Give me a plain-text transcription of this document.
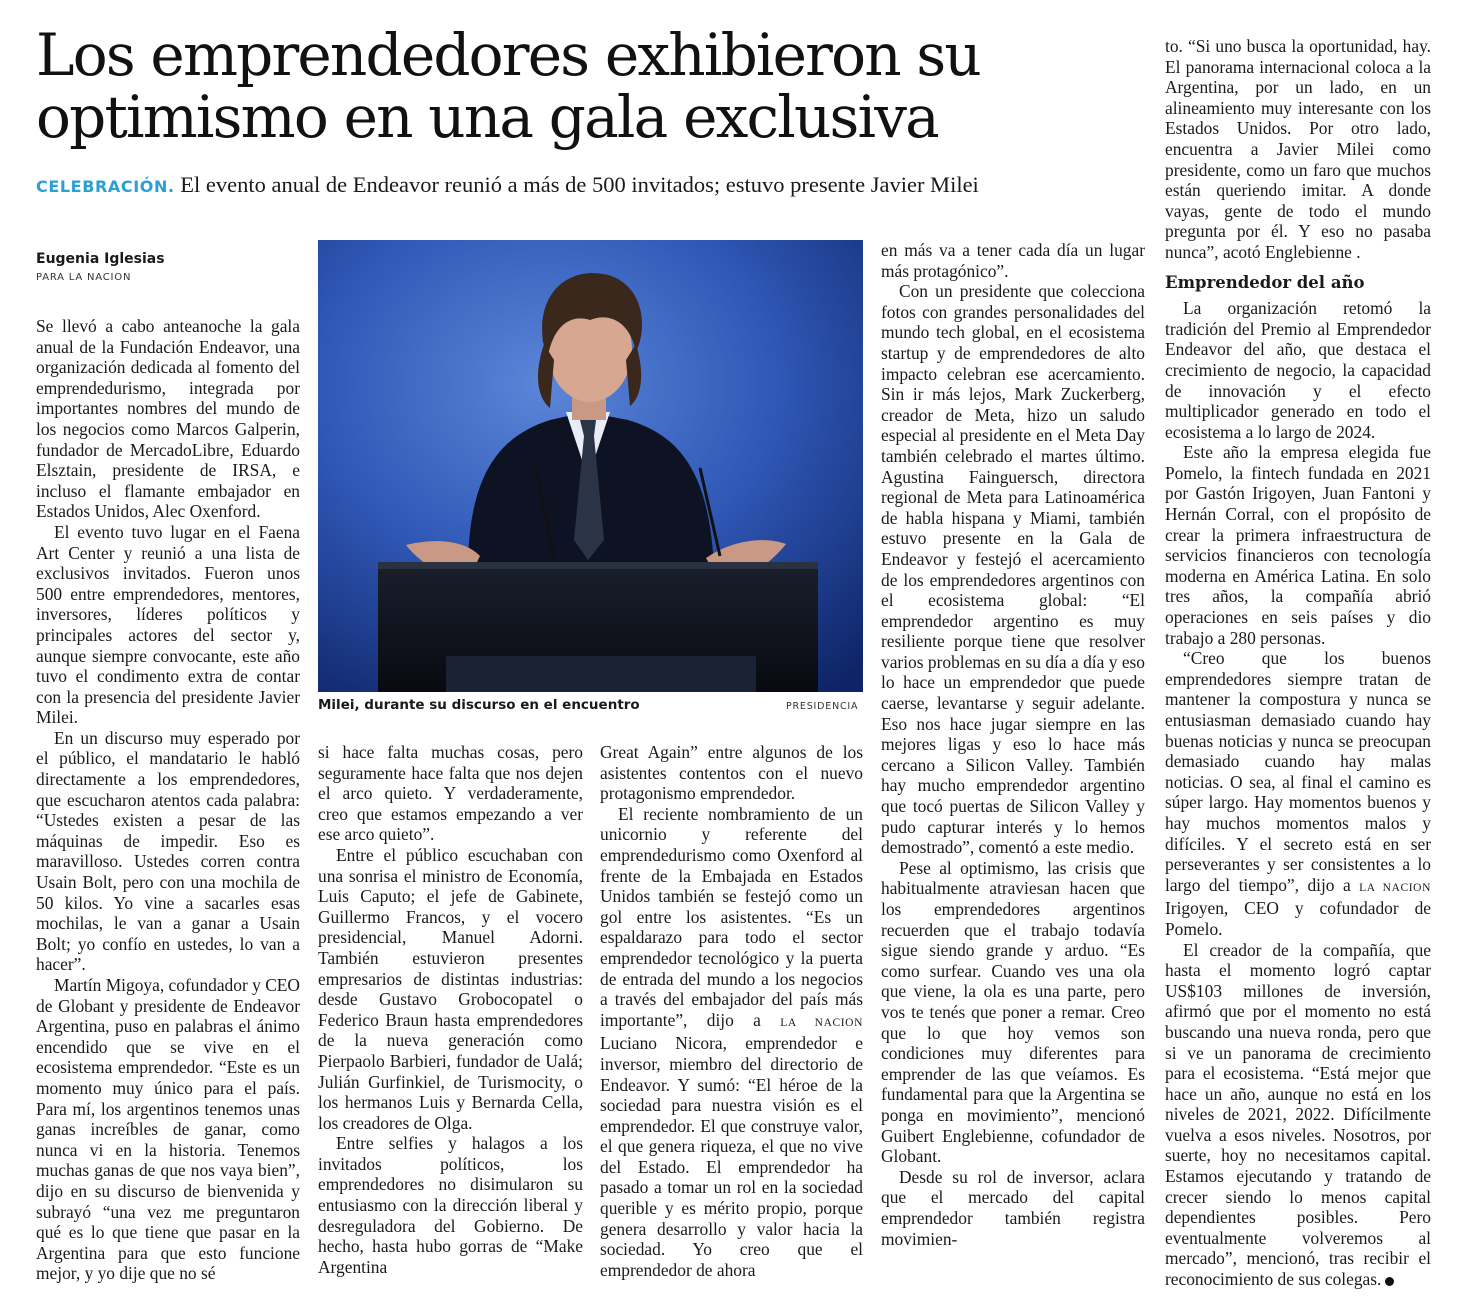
Los emprendedores exhibieron su optimismo en una gala exclusiva
CELEBRACIÓN. El evento anual de Endeavor reunió a más de 500 invitados; estuvo presente Javier Milei
Eugenia Iglesias
PARA LA NACION

Se llevó a cabo anteanoche la gala anual de la Fundación Endeavor, una organización dedicada al fomento del emprendedurismo, integrada por importantes nombres del mundo de los negocios como Marcos Galperin, fundador de MercadoLibre, Eduardo Elsztain, presidente de IRSA, e incluso el flamante embajador en Estados Unidos, Alec Oxenford.

El evento tuvo lugar en el Faena Art Center y reunió a una lista de exclusivos invitados. Fueron unos 500 entre emprendedores, mentores, inversores, líderes políticos y principales actores del sector y, aunque siempre convocante, este año tuvo el condimento extra de contar con la presencia del presidente Javier Milei.

En un discurso muy esperado por el público, el mandatario le habló directamente a los emprendedores, que escucharon atentos cada palabra: “Ustedes existen a pesar de las máquinas de impedir. Eso es maravilloso. Ustedes corren contra Usain Bolt, pero con una mochila de 50 kilos. Yo vine a sacarles esas mochilas, le van a ganar a Usain Bolt; yo confío en ustedes, lo van a hacer”.

Martín Migoya, cofundador y CEO de Globant y presidente de Endeavor Argentina, puso en palabras el ánimo encendido que se vive en el ecosistema emprendedor. “Este es un momento muy único para el país. Para mí, los argentinos tenemos unas ganas increíbles de ganar, como nunca vi en la historia. Tenemos muchas ganas de que nos vaya bien”, dijo en su discurso de bienvenida y subrayó “una vez me preguntaron qué es lo que tiene que pasar en la Argentina para que esto funcione mejor, y yo dije que no sé

Milei, durante su discurso en el encuentro	PRESIDENCIA

si hace falta muchas cosas, pero seguramente hace falta que nos dejen el arco quieto. Y verdaderamente, creo que estamos empezando a ver ese arco quieto”.

Entre el público escuchaban con una sonrisa el ministro de Economía, Luis Caputo; el jefe de Gabinete, Guillermo Francos, y el vocero presidencial, Manuel Adorni. También estuvieron presentes empresarios de distintas industrias: desde Gustavo Grobocopatel o Federico Braun hasta emprendedores de la nueva generación como Pierpaolo Barbieri, fundador de Ualá; Julián Gurfinkiel, de Turismocity, o los hermanos Luis y Bernarda Cella, los creadores de Olga.

Entre selfies y halagos a los invitados políticos, los emprendedores no disimularon su entusiasmo con la dirección liberal y desreguladora del Gobierno. De hecho, hasta hubo gorras de “Make Argentina

Great Again” entre algunos de los asistentes contentos con el nuevo protagonismo emprendedor.

El reciente nombramiento de un unicornio y referente del emprendedurismo como Oxenford al frente de la Embajada en Estados Unidos también se festejó como un gol entre los asistentes. “Es un espaldarazo para todo el sector emprendedor tecnológico y la puerta de entrada del mundo a los negocios a través del embajador del país más importante”, dijo a LA NACION Luciano Nicora, emprendedor e inversor, miembro del directorio de Endeavor. Y sumó: “El héroe de la sociedad para nuestra visión es el emprendedor. El que construye valor, el que genera riqueza, el que no vive del Estado. El emprendedor ha pasado a tomar un rol en la sociedad querible y es mérito propio, porque genera desarrollo y valor hacia la sociedad. Yo creo que el emprendedor de ahora

en más va a tener cada día un lugar más protagónico”.

Con un presidente que colecciona fotos con grandes personalidades del mundo tech global, en el ecosistema startup y de emprendedores de alto impacto celebran ese acercamiento. Sin ir más lejos, Mark Zuckerberg, creador de Meta, hizo un saludo especial al presidente en el Meta Day también celebrado el martes último. Agustina Fainguersch, directora regional de Meta para Latinoamérica de habla hispana y Miami, también estuvo presente en la Gala de Endeavor y festejó el acercamiento de los emprendedores argentinos con el ecosistema global: “El emprendedor argentino es muy resiliente porque tiene que resolver varios problemas en su día a día y eso lo hace un emprendedor que puede caerse, levantarse y seguir adelante. Eso nos hace jugar siempre en las mejores ligas y eso lo hace más cercano a Silicon Valley. También hay mucho emprendedor argentino que tocó puertas de Silicon Valley y pudo capturar interés y lo hemos demostrado”, comentó a este medio.

Pese al optimismo, las crisis que habitualmente atraviesan hacen que los emprendedores argentinos recuerden que el trabajo todavía sigue siendo grande y arduo. “Es como surfear. Cuando ves una ola que viene, la ola es una parte, pero vos te tenés que poner a remar. Creo que lo que hoy vemos son condiciones muy diferentes para emprender de las que veíamos. Es fundamental para que la Argentina se ponga en movimiento”, mencionó Guibert Englebienne, cofundador de Globant.

Desde su rol de inversor, aclara que el mercado del capital emprendedor también registra movimien-

to. “Si uno busca la oportunidad, hay. El panorama internacional coloca a la Argentina, por un lado, en un alineamiento muy interesante con los Estados Unidos. Por otro lado, encuentra a Javier Milei como presidente, como un faro que muchos están queriendo imitar. A donde vayas, gente de todo el mundo pregunta por él. Y eso no pasaba nunca”, acotó Englebienne .

Emprendedor del año

La organización retomó la tradición del Premio al Emprendedor Endeavor del año, que destaca el crecimiento de negocio, la capacidad de innovación y el efecto multiplicador generado en todo el ecosistema a lo largo de 2024.

Este año la empresa elegida fue Pomelo, la fintech fundada en 2021 por Gastón Irigoyen, Juan Fantoni y Hernán Corral, con el propósito de crear la primera infraestructura de servicios financieros con tecnología moderna en América Latina. En solo tres años, la compañía abrió operaciones en seis países y dio trabajo a 280 personas.

“Creo que los buenos emprendedores siempre tratan de mantener la compostura y nunca se entusiasman demasiado cuando hay buenas noticias y nunca se preocupan demasiado cuando hay malas noticias. O sea, al final el camino es súper largo. Hay momentos buenos y hay muchos momentos malos y difíciles. Y el secreto está en ser perseverantes y ser consistentes a lo largo del tiempo”, dijo a LA NACION Irigoyen, CEO y cofundador de Pomelo.

El creador de la compañía, que hasta el momento logró captar US$103 millones de inversión, afirmó que por el momento no está buscando una nueva ronda, pero que si ve un panorama de crecimiento para el ecosistema. “Está mejor que hace un año, aunque no está en los niveles de 2021, 2022. Difícilmente vuelva a esos niveles. Nosotros, por suerte, hoy no necesitamos capital. Estamos ejecutando y tratando de crecer siendo lo menos capital dependientes posibles. Pero eventualmente volveremos al mercado”, mencionó, tras recibir el reconocimiento de sus colegas.
